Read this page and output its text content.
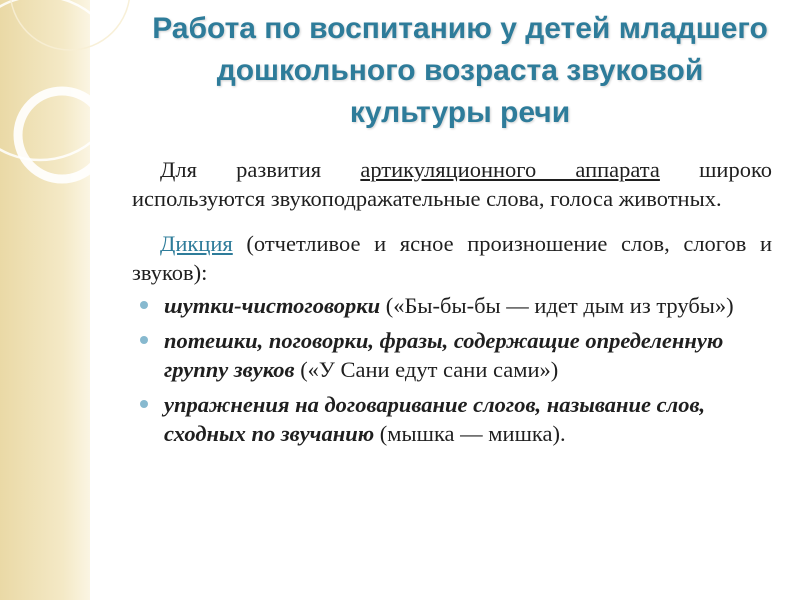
Работа по воспитанию у детей младшего дошкольного возраста звуковой культуры речи

Для развития артикуляционного аппарата широко используются звукоподражательные слова, голоса животных.

Дикция (отчетливое и ясное произношение слов, слогов и звуков):

шутки-чистоговорки («Бы-бы-бы — идет дым из трубы»)
потешки, поговорки, фразы, содержащие определенную группу звуков («У Сани едут сани сами»)
упражнения на договаривание слогов, называние слов, сходных по звучанию (мышка — мишка).
